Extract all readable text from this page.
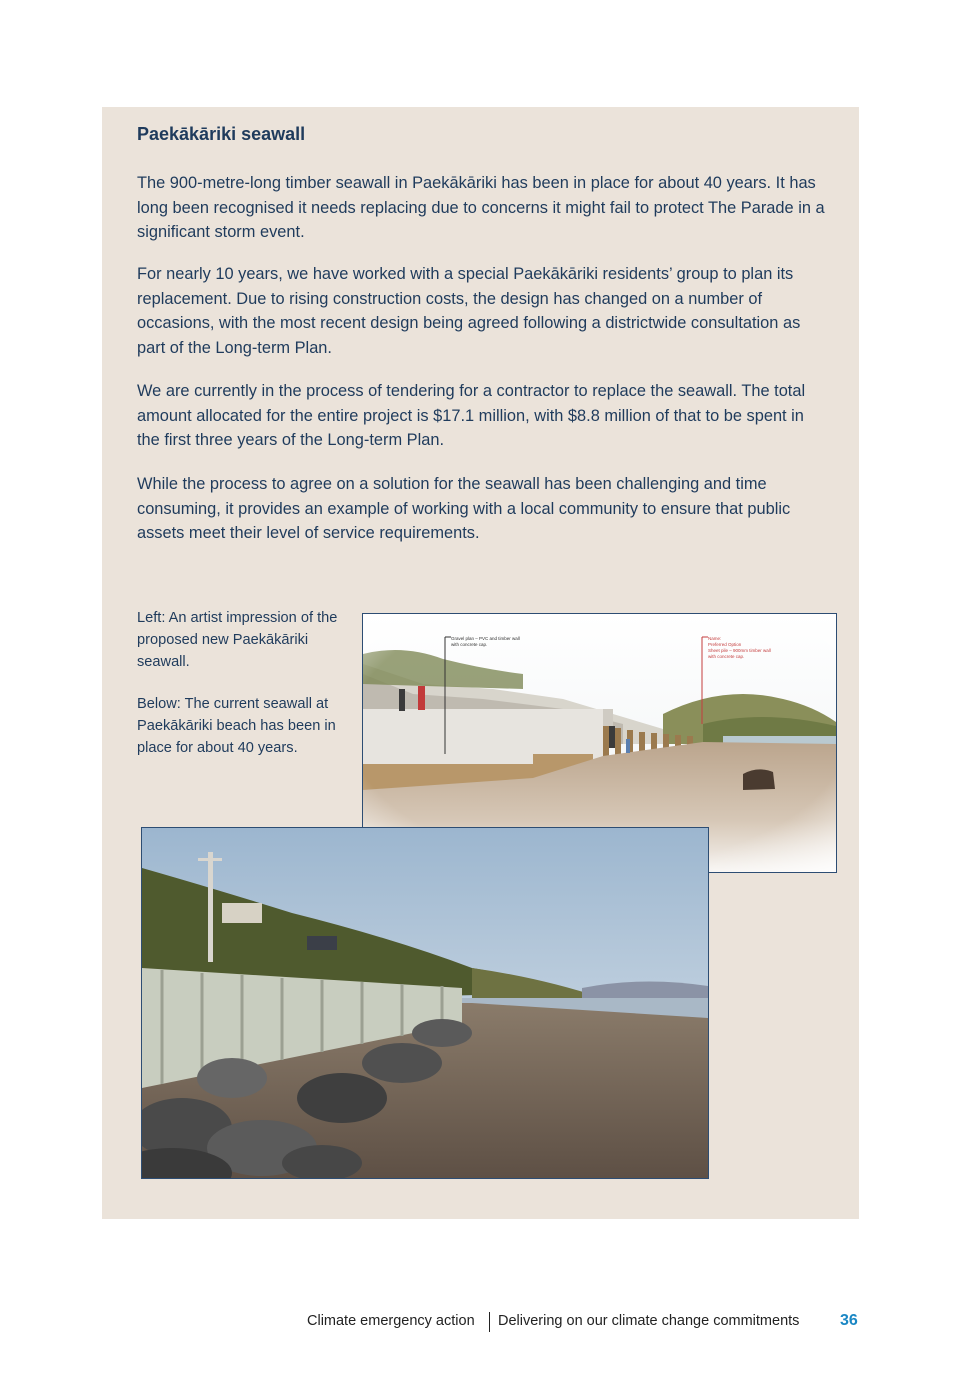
Paekākāriki seawall

The 900-metre-long timber seawall in Paekākāriki has been in place for about 40 years. It has long been recognised it needs replacing due to concerns it might fail to protect The Parade in a significant storm event.

For nearly 10 years, we have worked with a special Paekākāriki residents’ group to plan its replacement. Due to rising construction costs, the design has changed on a number of occasions, with the most recent design being agreed following a districtwide consultation as part of the Long-term Plan.

We are currently in the process of tendering for a contractor to replace the seawall. The total amount allocated for the entire project is $17.1 million, with $8.8 million of that to be spent in the first three years of the Long-term Plan.

While the process to agree on a solution for the seawall has been challenging and time consuming, it provides an example of working with a local community to ensure that public assets meet their level of service requirements.

Left: An artist impression of the proposed new Paekākāriki seawall.

Below: The current seawall at Paekākāriki beach has been in place for about 40 years.

Climate emergency action Delivering on our climate change commitments	36
